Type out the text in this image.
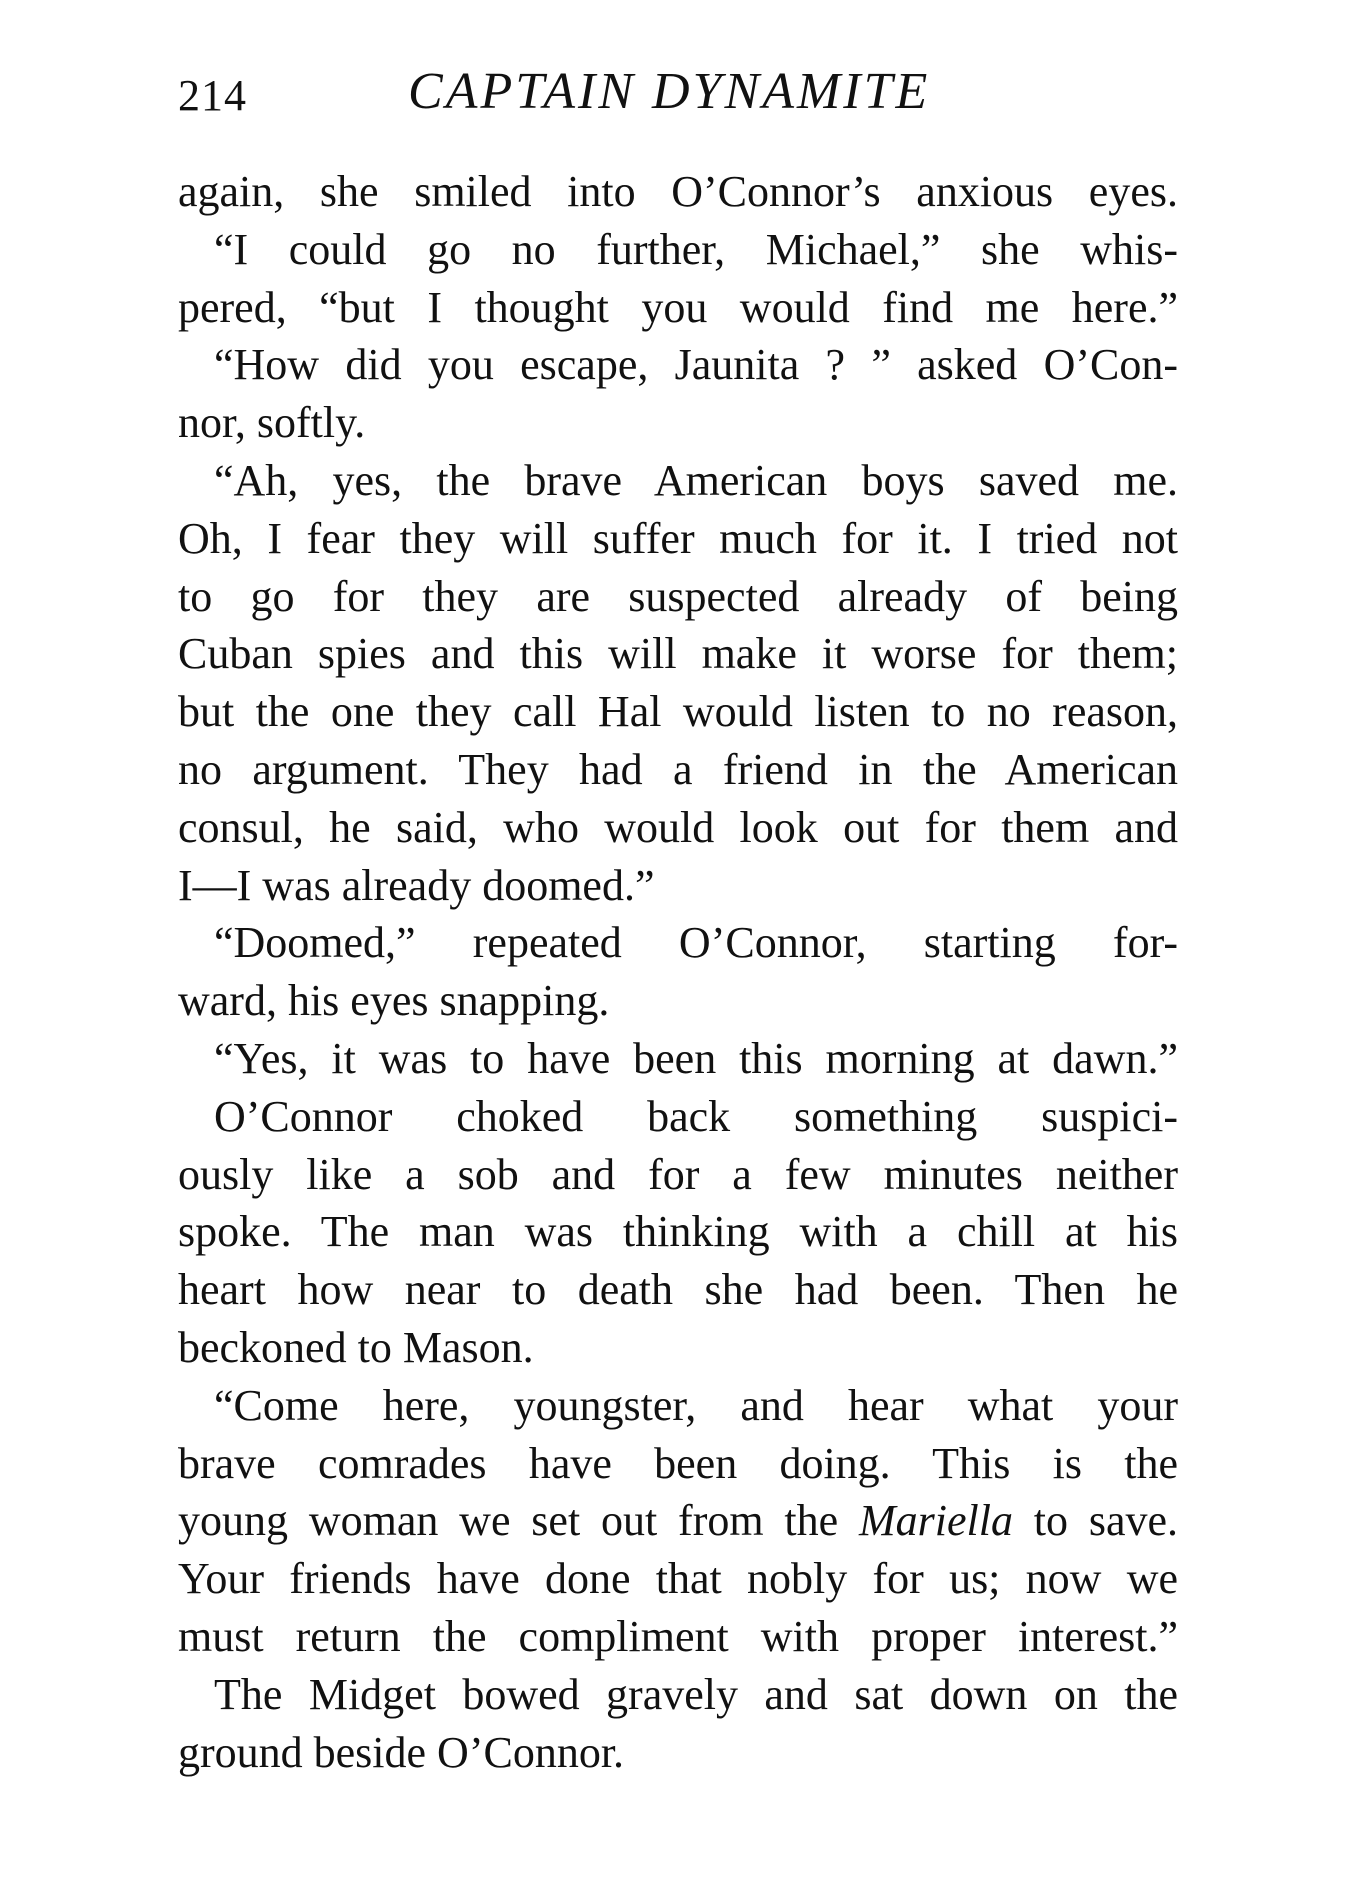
214	CAPTAIN DYNAMITE
again, she smiled into O’Connor’s anxious eyes.
“I could go no further, Michael,” she whis-
pered, “but I thought you would find me here.”
“How did you escape, Jaunita ? ” asked O’Con-
nor, softly.
“Ah, yes, the brave American boys saved me.
Oh, I fear they will suffer much for it. I tried not
to go for they are suspected already of being
Cuban spies and this will make it worse for them;
but the one they call Hal would listen to no reason,
no argument. They had a friend in the American
consul, he said, who would look out for them and
I—I was already doomed.”
“Doomed,” repeated O’Connor, starting for-
ward, his eyes snapping.
“Yes, it was to have been this morning at dawn.”
O’Connor choked back something suspici-
ously like a sob and for a few minutes neither
spoke. The man was thinking with a chill at his
heart how near to death she had been. Then he
beckoned to Mason.
“Come here, youngster, and hear what your
brave comrades have been doing. This is the
young woman we set out from the Mariella to save.
Your friends have done that nobly for us; now we
must return the compliment with proper interest.”
The Midget bowed gravely and sat down on the
ground beside O’Connor.
